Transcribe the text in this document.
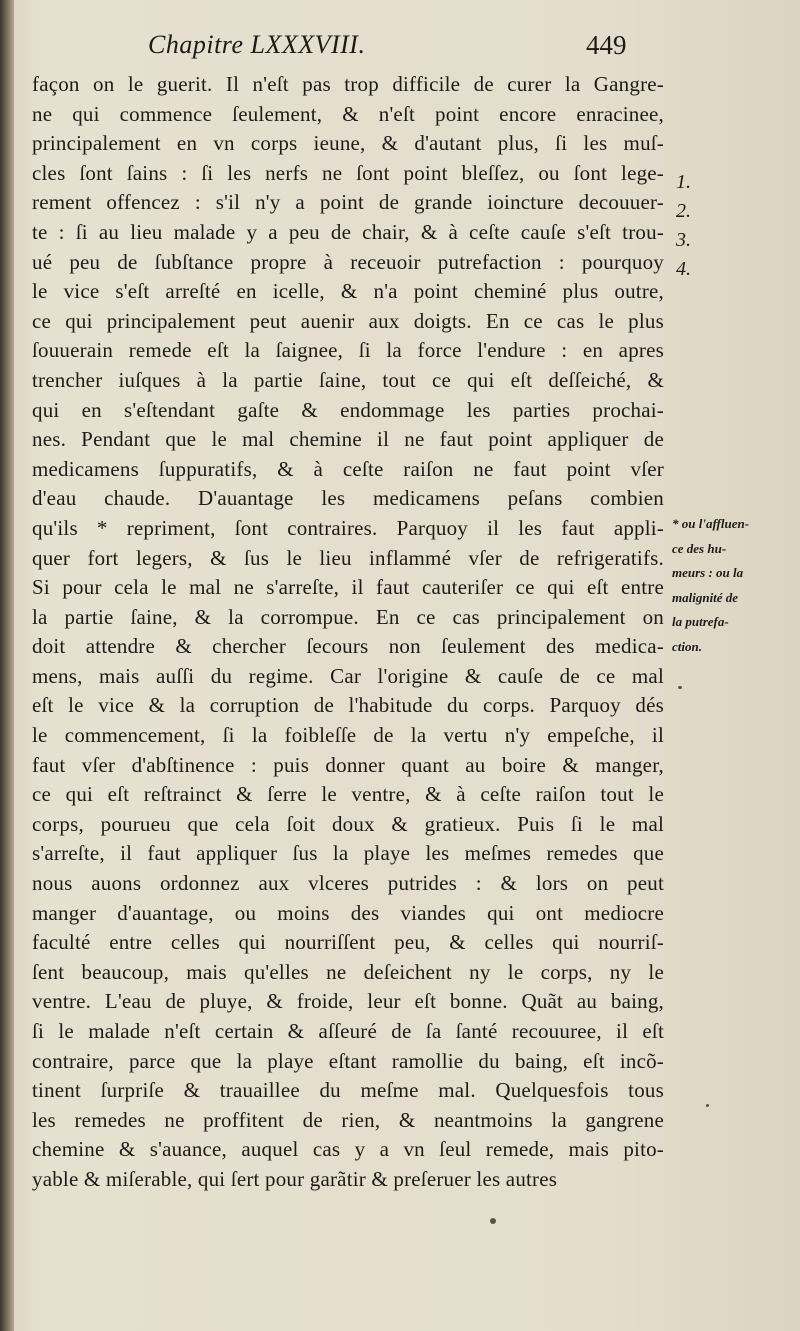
Chapitre LXXXVIII.	449
façon on le guerit. Il n'eſt pas trop difficile de curer la Gangre-
ne qui commence ſeulement, & n'eſt point encore enracinee,
principalement en vn corps ieune, & d'autant plus, ſi les muſ-
cles ſont ſains : ſi les nerfs ne ſont point bleſſez, ou ſont lege-
rement offencez : s'il n'y a point de grande ioincture decouuer-
te : ſi au lieu malade y a peu de chair, & à ceſte cauſe s'eſt trou-
ué peu de ſubſtance propre à receuoir putrefaction : pourquoy
le vice s'eſt arreſté en icelle, & n'a point cheminé plus outre,
ce qui principalement peut auenir aux doigts. En ce cas le plus
ſouuerain remede eſt la ſaignee, ſi la force l'endure : en apres
trencher iuſques à la partie ſaine, tout ce qui eſt deſſeiché, &
qui en s'eſtendant gaſte & endommage les parties prochai-
nes. Pendant que le mal chemine il ne faut point appliquer de
medicamens ſuppuratifs, & à ceſte raiſon ne faut point vſer
d'eau chaude. D'auantage les medicamens peſans combien
qu'ils * repriment, ſont contraires. Parquoy il les faut appli-
quer fort legers, & ſus le lieu inflammé vſer de refrigeratifs.
Si pour cela le mal ne s'arreſte, il faut cauteriſer ce qui eſt entre
la partie ſaine, & la corrompue. En ce cas principalement on
doit attendre & chercher ſecours non ſeulement des medica-
mens, mais auſſi du regime. Car l'origine & cauſe de ce mal
eſt le vice & la corruption de l'habitude du corps. Parquoy dés
le commencement, ſi la foibleſſe de la vertu n'y empeſche, il
faut vſer d'abſtinence : puis donner quant au boire & manger,
ce qui eſt reſtrainct & ſerre le ventre, & à ceſte raiſon tout le
corps, pourueu que cela ſoit doux & gratieux. Puis ſi le mal
s'arreſte, il faut appliquer ſus la playe les meſmes remedes que
nous auons ordonnez aux vlceres putrides : & lors on peut
manger d'auantage, ou moins des viandes qui ont mediocre
faculté entre celles qui nourriſſent peu, & celles qui nourriſ-
ſent beaucoup, mais qu'elles ne deſeichent ny le corps, ny le
ventre. L'eau de pluye, & froide, leur eſt bonne. Quãt au baing,
ſi le malade n'eſt certain & aſſeuré de ſa ſanté recouuree, il eſt
contraire, parce que la playe eſtant ramollie du baing, eſt incõ-
tinent ſurpriſe & trauaillee du meſme mal. Quelquesfois tous
les remedes ne proffitent de rien, & neantmoins la gangrene
chemine & s'auance, auquel cas y a vn ſeul remede, mais pito-
yable & miſerable, qui ſert pour garãtir & preſeruer les autres
1.
2.
3.
4.
* ou l'affluen-
ce des hu-
meurs : ou la
malignité de
la putrefa-
ction.
